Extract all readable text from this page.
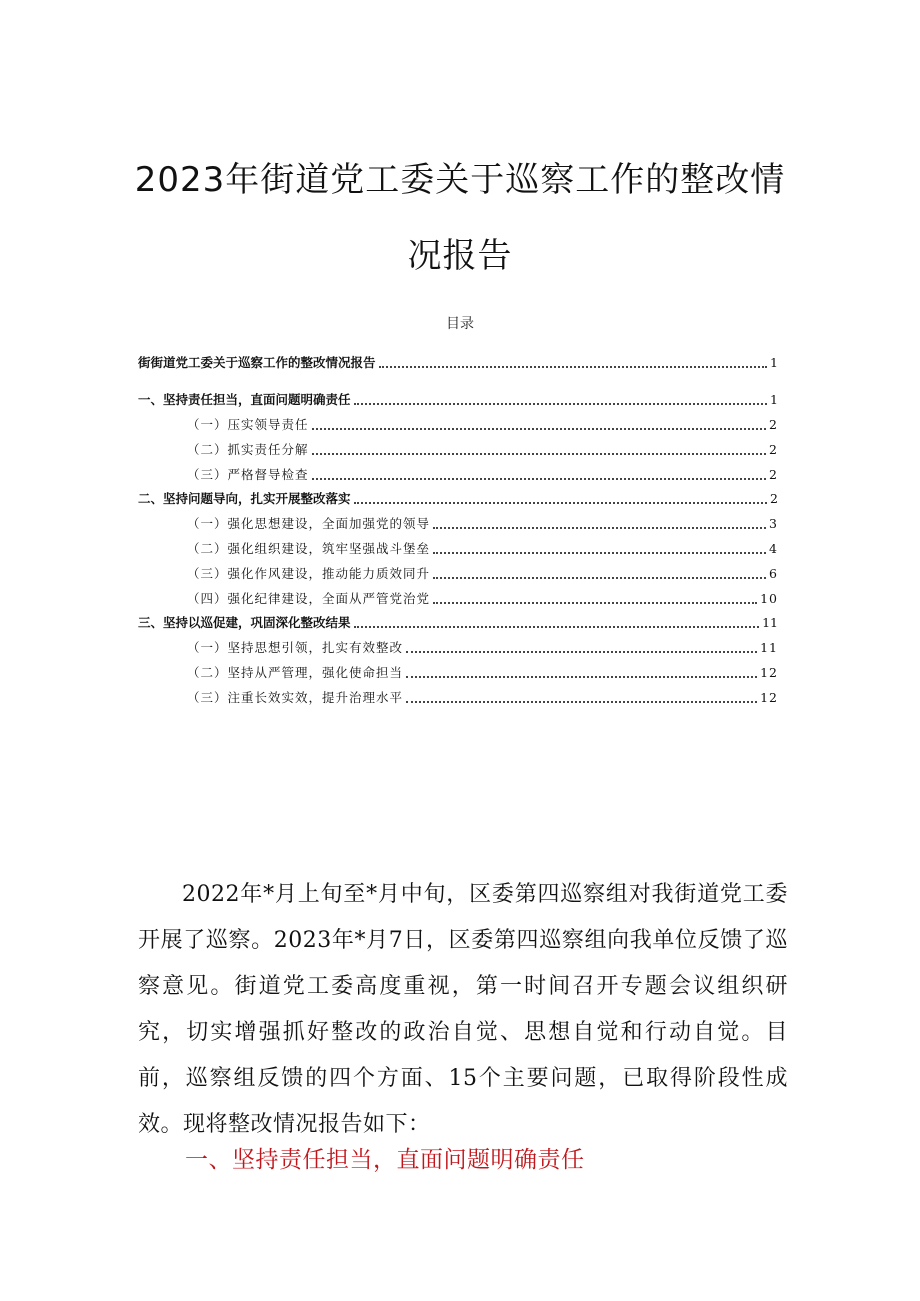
2023年街道党工委关于巡察工作的整改情
况报告
目录
街街道党工委关于巡察工作的整改情况报告	1
一、坚持责任担当，直面问题明确责任	1
（一）压实领导责任	2
（二）抓实责任分解	2
（三）严格督导检查	2
二、坚持问题导向，扎实开展整改落实	2
（一）强化思想建设，全面加强党的领导	3
（二）强化组织建设，筑牢坚强战斗堡垒	4
（三）强化作风建设，推动能力质效同升	6
（四）强化纪律建设，全面从严管党治党	10
三、坚持以巡促建，巩固深化整改结果	11
（一）坚持思想引领，扎实有效整改	11
（二）坚持从严管理，强化使命担当	12
（三）注重长效实效，提升治理水平	12

2022年*月上旬至*月中旬，区委第四巡察组对我街道党工委开展了巡察。2023年*月7日，区委第四巡察组向我单位反馈了巡察意见。街道党工委高度重视，第一时间召开专题会议组织研究，切实增强抓好整改的政治自觉、思想自觉和行动自觉。目前，巡察组反馈的四个方面、15个主要问题，已取得阶段性成效。现将整改情况报告如下：

一、坚持责任担当，直面问题明确责任
